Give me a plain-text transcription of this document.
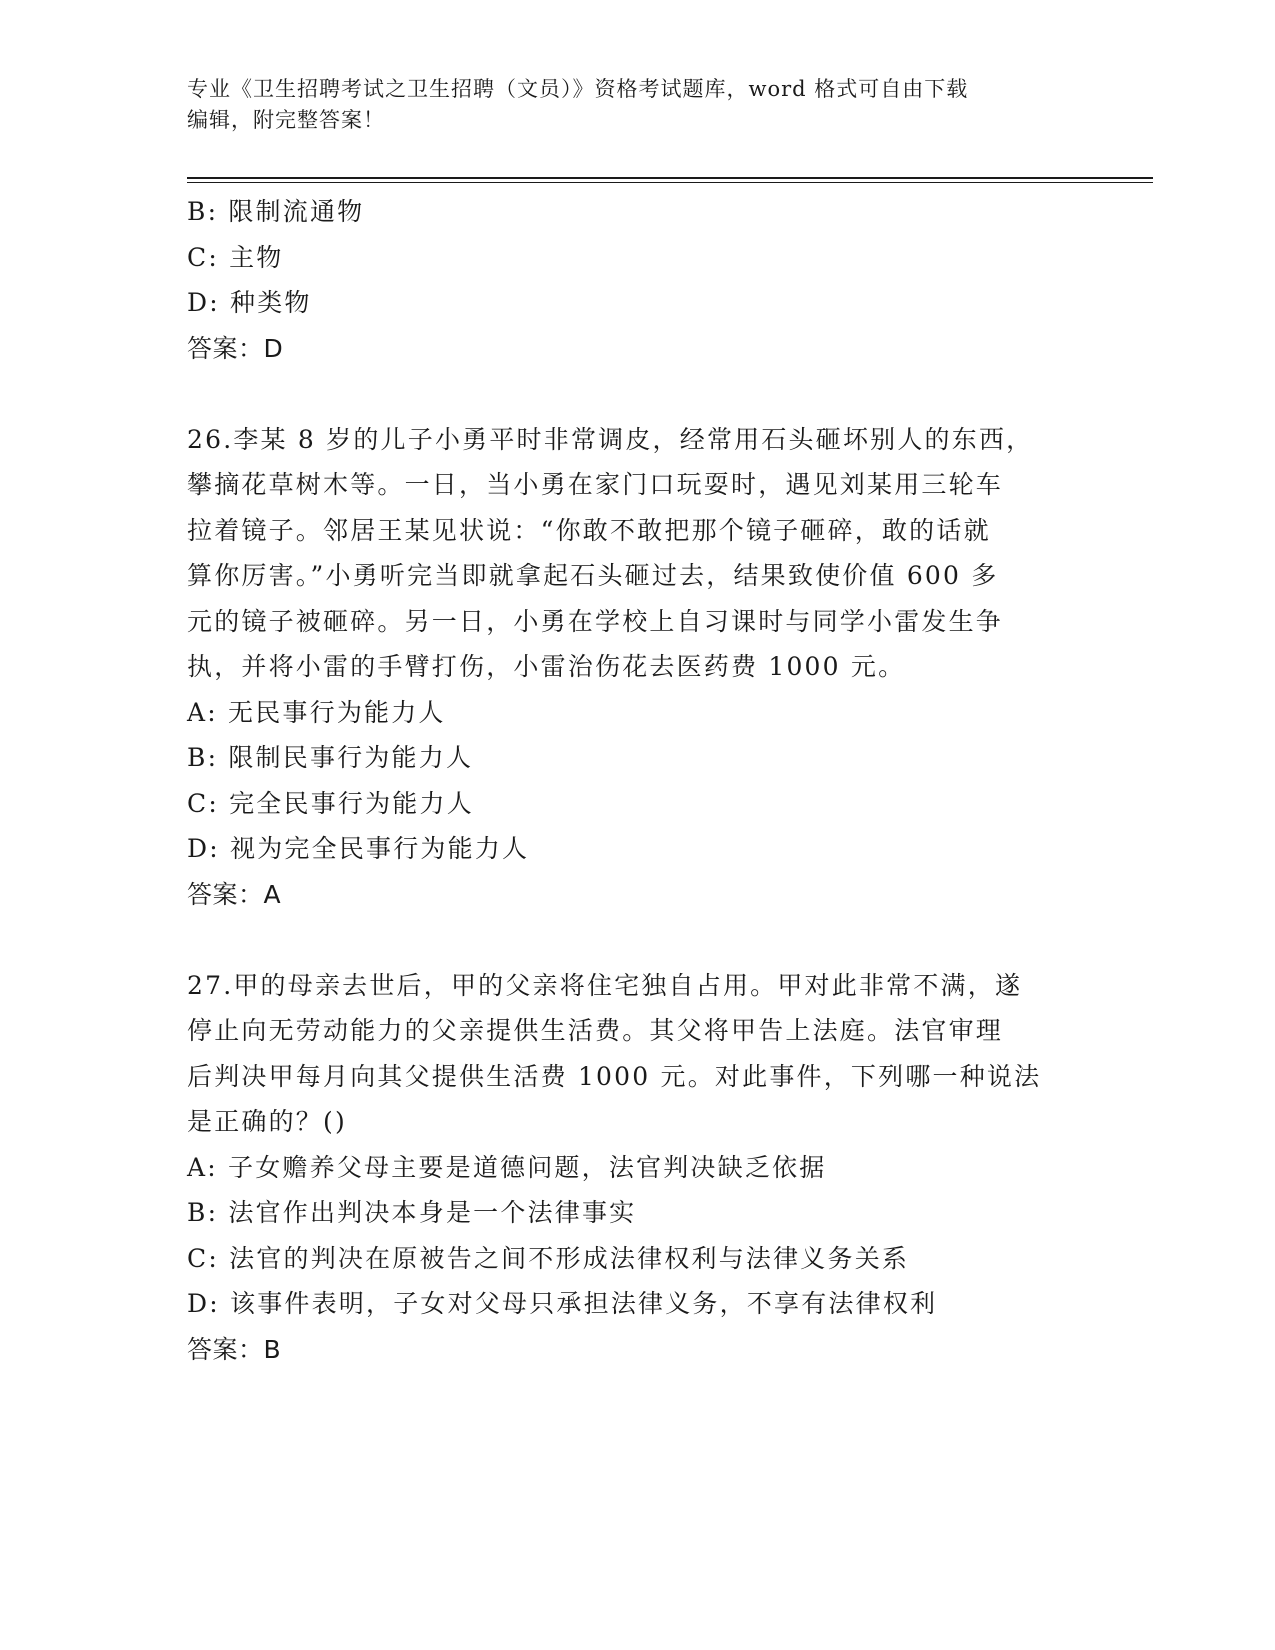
专业《卫生招聘考试之卫生招聘（文员）》资格考试题库，word 格式可自由下载
编辑，附完整答案！

B: 限制流通物

C: 主物

D: 种类物

答案：D

26.李某 8 岁的儿子小勇平时非常调皮，经常用石头砸坏别人的东西，

攀摘花草树木等。一日，当小勇在家门口玩耍时，遇见刘某用三轮车

拉着镜子。邻居王某见状说：“你敢不敢把那个镜子砸碎，敢的话就

算你厉害。”小勇听完当即就拿起石头砸过去，结果致使价值 600 多

元的镜子被砸碎。另一日，小勇在学校上自习课时与同学小雷发生争

执，并将小雷的手臂打伤，小雷治伤花去医药费 1000 元。

A: 无民事行为能力人

B: 限制民事行为能力人

C: 完全民事行为能力人

D: 视为完全民事行为能力人

答案：A

27.甲的母亲去世后，甲的父亲将住宅独自占用。甲对此非常不满，遂

停止向无劳动能力的父亲提供生活费。其父将甲告上法庭。法官审理

后判决甲每月向其父提供生活费 1000 元。对此事件，下列哪一种说法

是正确的？()

A: 子女赡养父母主要是道德问题，法官判决缺乏依据

B: 法官作出判决本身是一个法律事实

C: 法官的判决在原被告之间不形成法律权利与法律义务关系

D: 该事件表明，子女对父母只承担法律义务，不享有法律权利

答案：B
